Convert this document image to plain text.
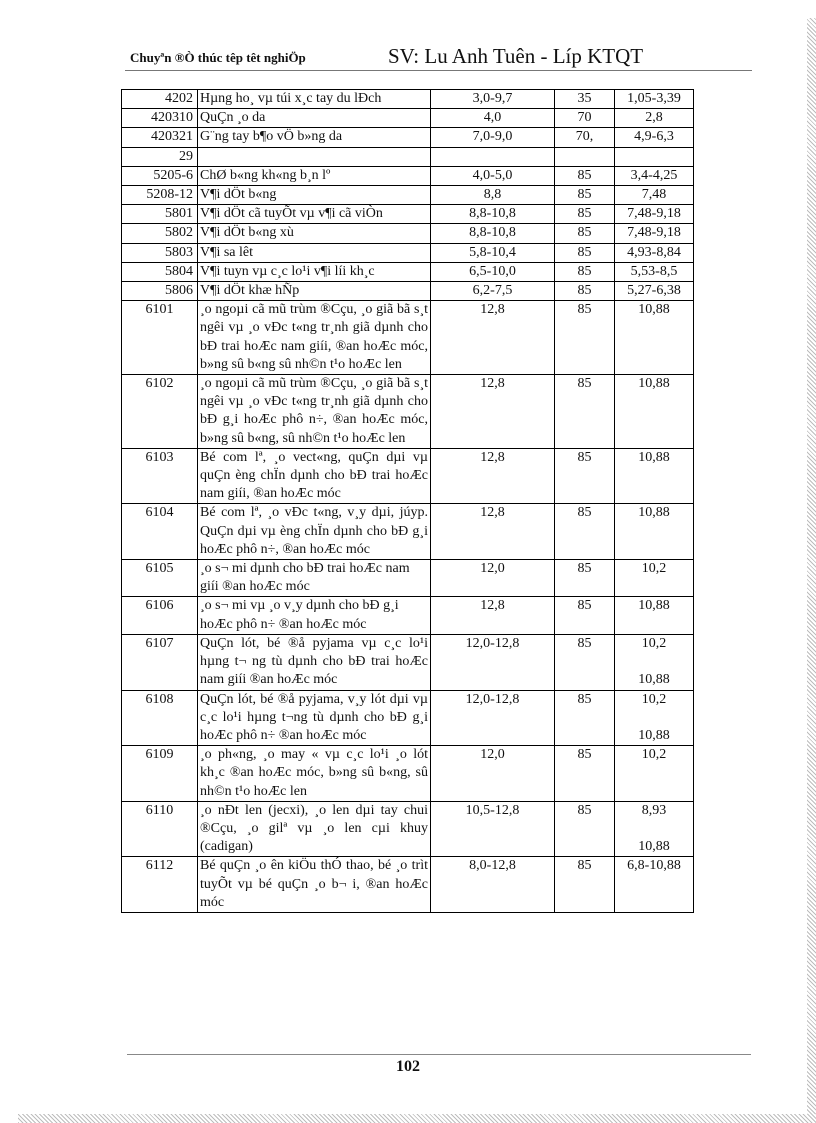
Chuyªn ®Ò thúc têp têt nghiÖp	SV: Lu Anh Tuên - Líp KTQT
4202	Hµng ho¸ vµ túi x¸c tay du lÐch	3,0-9,7	35	1,05-3,39

420310	QuÇn ¸o da	4,0	70	2,8

420321	G¨ng tay b¶o vÖ b»ng da	7,0-9,0	70,	4,9-6,3

29				

5205-6	ChØ b«ng kh«ng b¸n lº	4,0-5,0	85	3,4-4,25

5208-12	V¶i dÖt b«ng	8,8	85	7,48

5801	V¶i dÖt cã tuyÕt vµ v¶i cã viÒn	8,8-10,8	85	7,48-9,18

5802	V¶i dÖt b«ng xù	8,8-10,8	85	7,48-9,18

5803	V¶i sa lêt	5,8-10,4	85	4,93-8,84

5804	V¶i tuyn vµ c¸c lo¹i v¶i líi kh¸c	6,5-10,0	85	5,53-8,5

5806	V¶i dÖt khæ hÑp	6,2-7,5	85	5,27-6,38

6101	¸o ngoµi cã mũ trùm ®Cçu, ¸o giã bã s¸t ngêi vµ ¸o vÐc t«ng tr¸nh giã dµnh cho bÐ trai hoÆc nam giíi, ®an hoÆc móc, b»ng sû b«ng sû nh©n t¹o hoÆc len	12,8	85	10,88

6102	¸o ngoµi cã mũ trùm ®Cçu, ¸o giã bã s¸t ngêi vµ ¸o vÐc t«ng tr¸nh giã dµnh cho bÐ g¸i hoÆc phô n÷, ®an hoÆc móc, b»ng sû b«ng, sû nh©n t¹o hoÆc len	12,8	85	10,88

6103	Bé com lª, ¸o vect«ng, quÇn dµi vµ quÇn èng chÏn dµnh cho bÐ trai hoÆc nam giíi, ®an hoÆc móc	12,8	85	10,88

6104	Bé com lª, ¸o vÐc t«ng, v¸y dµi, júyp. QuÇn dµi vµ èng chÏn dµnh cho bÐ g¸i hoÆc phô n÷, ®an hoÆc móc	12,8	85	10,88

6105	¸o s¬ mi dµnh cho bÐ trai hoÆc nam giíi ®an hoÆc móc	12,0	85	10,2

6106	¸o s¬ mi vµ ¸o v¸y dµnh cho bÐ g¸i hoÆc phô n÷ ®an hoÆc móc	12,8	85	10,88

6107	QuÇn lót, bé ®å pyjama vµ c¸c lo¹i hµng t¬ ng tù dµnh cho bÐ trai hoÆc nam giíi ®an hoÆc móc	12,0-12,8	85	10,2
10,88

6108	QuÇn lót, bé ®å pyjama, v¸y lót dµi vµ c¸c lo¹i hµng t¬ng tù dµnh cho bÐ g¸i hoÆc phô n÷ ®an hoÆc móc	12,0-12,8	85	10,2
10,88

6109	¸o ph«ng, ¸o may « vµ c¸c lo¹i ¸o lót kh¸c ®an hoÆc móc, b»ng sû b«ng, sû nh©n t¹o hoÆc len	12,0	85	10,2

6110	¸o nÐt len (jecxi), ¸o len dµi tay chui ®Cçu, ¸o gilª vµ ¸o len cµi khuy (cadigan)	10,5-12,8	85	8,93
10,88

6112	Bé quÇn ¸o ên kiÖu thÓ thao, bé ¸o trìt tuyÕt vµ bé quÇn ¸o b¬ i, ®an hoÆc móc	8,0-12,8	85	6,8-10,88
102
